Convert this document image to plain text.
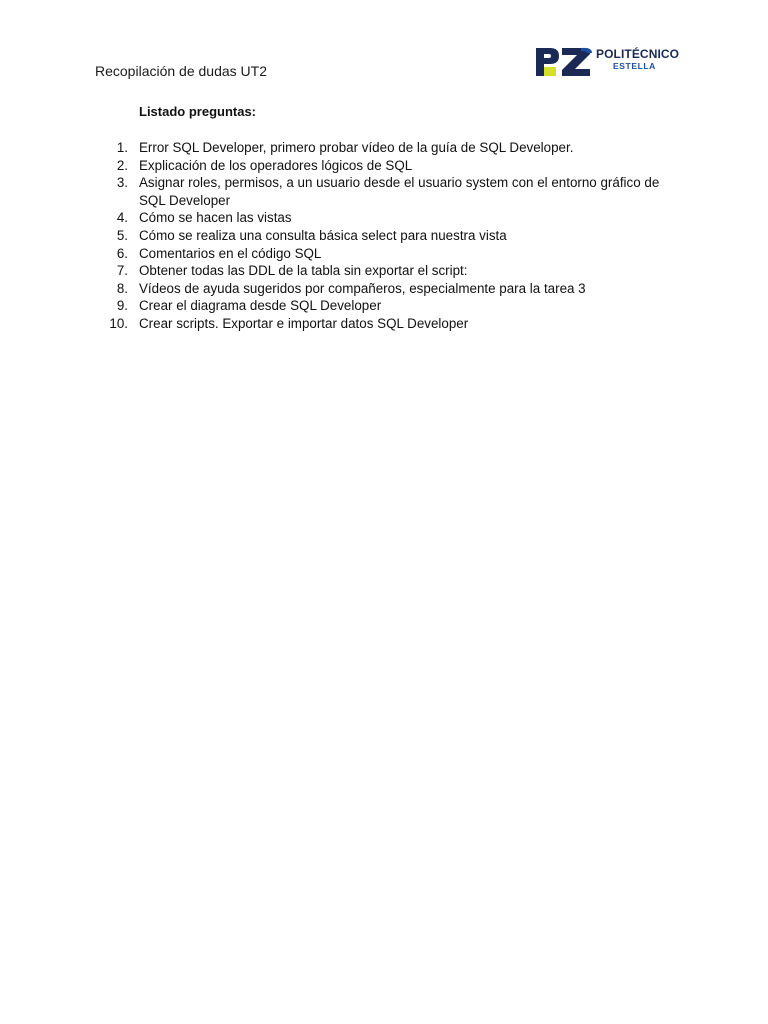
Recopilación de dudas UT2
POLITÉCNICO
ESTELLA
Listado preguntas:
1. Error SQL Developer, primero probar vídeo de la guía de SQL Developer.
2. Explicación de los operadores lógicos de SQL
3. Asignar roles, permisos, a un usuario desde el usuario system con el entorno gráfico de SQL Developer
4. Cómo se hacen las vistas
5. Cómo se realiza una consulta básica select para nuestra vista
6. Comentarios en el código SQL
7. Obtener todas las DDL de la tabla sin exportar el script:
8. Vídeos de ayuda sugeridos por compañeros, especialmente para la tarea 3
9. Crear el diagrama desde SQL Developer
10. Crear scripts. Exportar e importar datos SQL Developer
